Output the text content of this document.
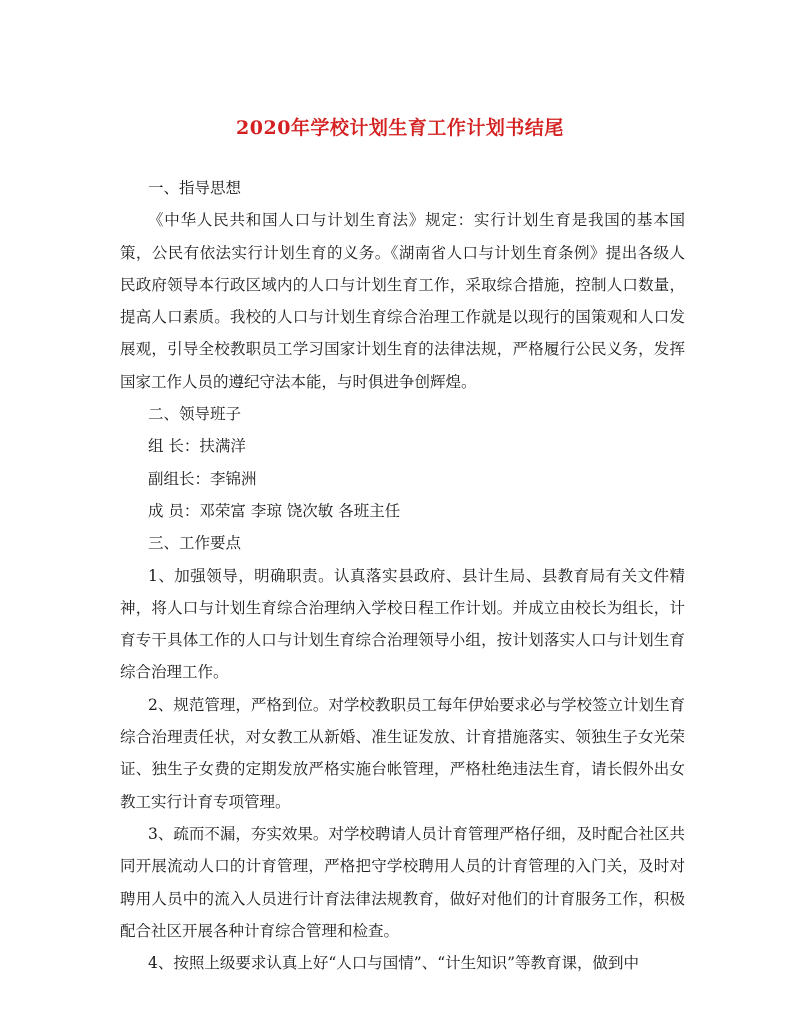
2020年学校计划生育工作计划书结尾

一、指导思想

《中华人民共和国人口与计划生育法》规定：实行计划生育是我国的基本国策，公民有依法实行计划生育的义务。《湖南省人口与计划生育条例》提出各级人民政府领导本行政区域内的人口与计划生育工作，采取综合措施，控制人口数量，提高人口素质。我校的人口与计划生育综合治理工作就是以现行的国策观和人口发展观，引导全校教职员工学习国家计划生育的法律法规，严格履行公民义务，发挥国家工作人员的遵纪守法本能，与时俱进争创辉煌。

二、领导班子

组 长：扶满洋

副组长：李锦洲

成 员：邓荣富 李琼 饶次敏 各班主任

三、工作要点

1、加强领导，明确职责。认真落实县政府、县计生局、县教育局有关文件精神，将人口与计划生育综合治理纳入学校日程工作计划。并成立由校长为组长，计育专干具体工作的人口与计划生育综合治理领导小组，按计划落实人口与计划生育综合治理工作。

2、规范管理，严格到位。对学校教职员工每年伊始要求必与学校签立计划生育综合治理责任状，对女教工从新婚、准生证发放、计育措施落实、领独生子女光荣证、独生子女费的定期发放严格实施台帐管理，严格杜绝违法生育，请长假外出女教工实行计育专项管理。

3、疏而不漏，夯实效果。对学校聘请人员计育管理严格仔细，及时配合社区共同开展流动人口的计育管理，严格把守学校聘用人员的计育管理的入门关，及时对聘用人员中的流入人员进行计育法律法规教育，做好对他们的计育服务工作，积极配合社区开展各种计育综合管理和检查。

4、按照上级要求认真上好“人口与国情”、“计生知识”等教育课，做到中
